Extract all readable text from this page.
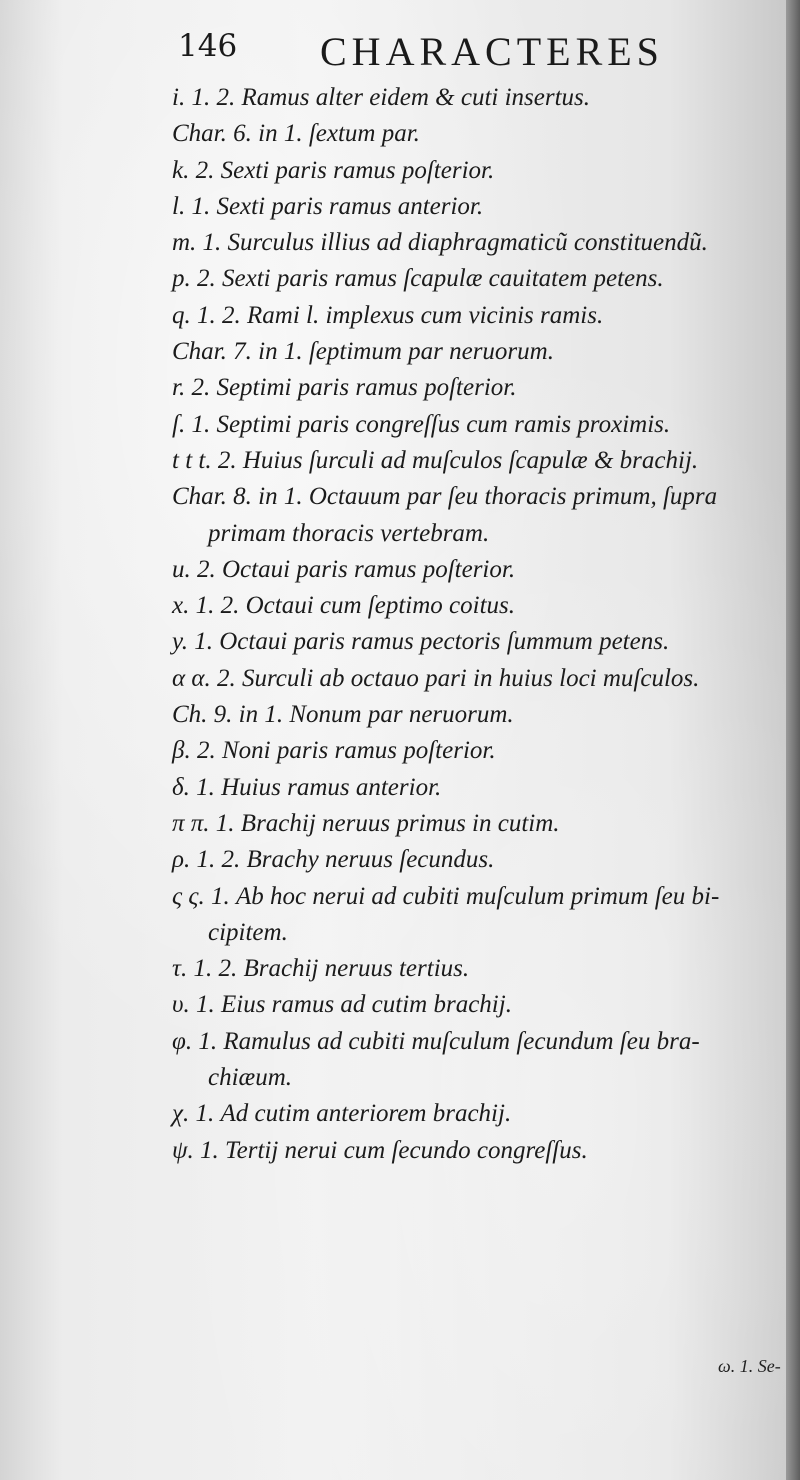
146 CHARACTERES
i. 1. 2. Ramus alter eidem & cuti insertus.
Char. 6. in 1. ſextum par.
k. 2. Sexti paris ramus poſterior.
l. 1. Sexti paris ramus anterior.
m. 1. Surculus illius ad diaphragmaticũ constituendũ.
p. 2. Sexti paris ramus ſcapulæ cauitatem petens.
q. 1. 2. Rami l. implexus cum vicinis ramis.
Char. 7. in 1. ſeptimum par neruorum.
r. 2. Septimi paris ramus poſterior.
ſ. 1. Septimi paris congreſſus cum ramis proximis.
t t t. 2. Huius ſurculi ad muſculos ſcapulæ & brachij.
Char. 8. in 1. Octauum par ſeu thoracis primum, ſupra
primam thoracis vertebram.
u. 2. Octaui paris ramus poſterior.
x. 1. 2. Octaui cum ſeptimo coitus.
y. 1. Octaui paris ramus pectoris ſummum petens.
α α. 2. Surculi ab octauo pari in huius loci muſculos.
Ch. 9. in 1. Nonum par neruorum.
β. 2. Noni paris ramus poſterior.
δ. 1. Huius ramus anterior.
π π. 1. Brachij neruus primus in cutim.
ρ. 1. 2. Brachy neruus ſecundus.
ς ς. 1. Ab hoc nerui ad cubiti muſculum primum ſeu bi-
cipitem.
τ. 1. 2. Brachij neruus tertius.
υ. 1. Eius ramus ad cutim brachij.
φ. 1. Ramulus ad cubiti muſculum ſecundum ſeu bra-
chiæum.
χ. 1. Ad cutim anteriorem brachij.
ψ. 1. Tertij nerui cum ſecundo congreſſus.
ω. 1. Se-
